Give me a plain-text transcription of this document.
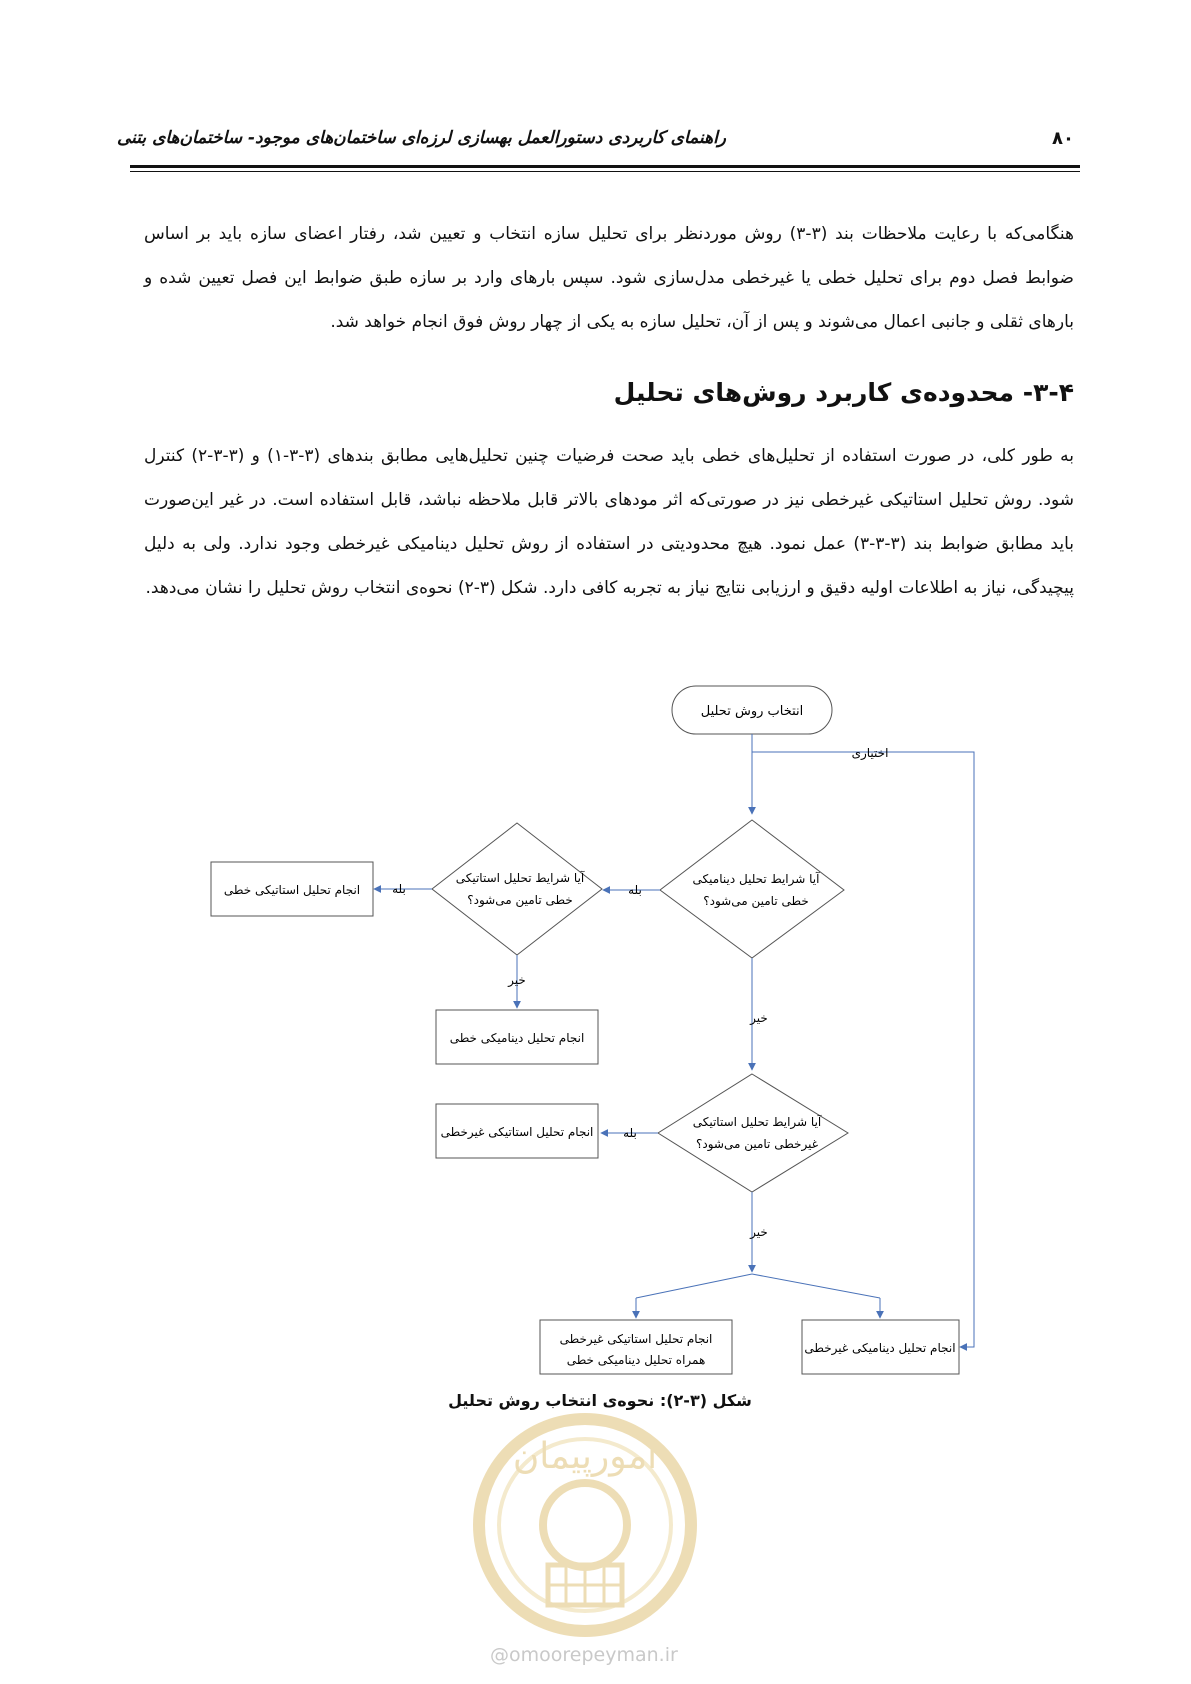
راهنمای کاربردی دستورالعمل بهسازی لرزه‌ای ساختمان‌های موجود- ساختمان‌های بتنی	۸۰
هنگامی‌که با رعایت ملاحظات بند (۳-۳) روش موردنظر برای تحلیل سازه انتخاب و تعیین شد، رفتار اعضای سازه باید بر اساس ضوابط فصل دوم برای تحلیل خطی یا غیرخطی مدل‌سازی شود. سپس بارهای وارد بر سازه طبق ضوابط این فصل تعیین شده و بارهای ثقلی و جانبی اعمال می‌شوند و پس از آن، تحلیل سازه به یکی از چهار روش فوق انجام خواهد شد.
۳-۴- محدوده‌ی کاربرد روش‌های تحلیل
به طور کلی، در صورت استفاده از تحلیل‌های خطی باید صحت فرضیات چنین تحلیل‌هایی مطابق بندهای (۳-۳-۱) و (۳-۳-۲) کنترل شود. روش تحلیل استاتیکی غیرخطی نیز در صورتی‌که اثر مودهای بالاتر قابل ملاحظه نباشد، قابل استفاده است. در غیر این‌صورت باید مطابق ضوابط بند (۳-۳-۳) عمل نمود. هیچ محدودیتی در استفاده از روش تحلیل دینامیکی غیرخطی وجود ندارد. ولی به دلیل پیچیدگی، نیاز به اطلاعات اولیه دقیق و ارزیابی نتایج نیاز به تجربه کافی دارد. شکل (۳-۲) نحوه‌ی انتخاب روش تحلیل را نشان می‌دهد.
امورپیمان
@omoorepeyman.ir
انتخاب روش تحلیل
اختیاری
آیا شرایط تحلیل دینامیکی
خطی تامین می‌شود؟
بله
آیا شرایط تحلیل استاتیکی
خطی تامین می‌شود؟
بله
انجام تحلیل استاتیکی خطی
خیر
انجام تحلیل دینامیکی خطی
خیر
آیا شرایط تحلیل استاتیکی
غیرخطی تامین می‌شود؟
بله
انجام تحلیل استاتیکی غیرخطی
خیر
انجام تحلیل استاتیکی غیرخطی
همراه تحلیل دینامیکی خطی
انجام تحلیل دینامیکی غیرخطی
شکل (۳-۲): نحوه‌ی انتخاب روش تحلیل
